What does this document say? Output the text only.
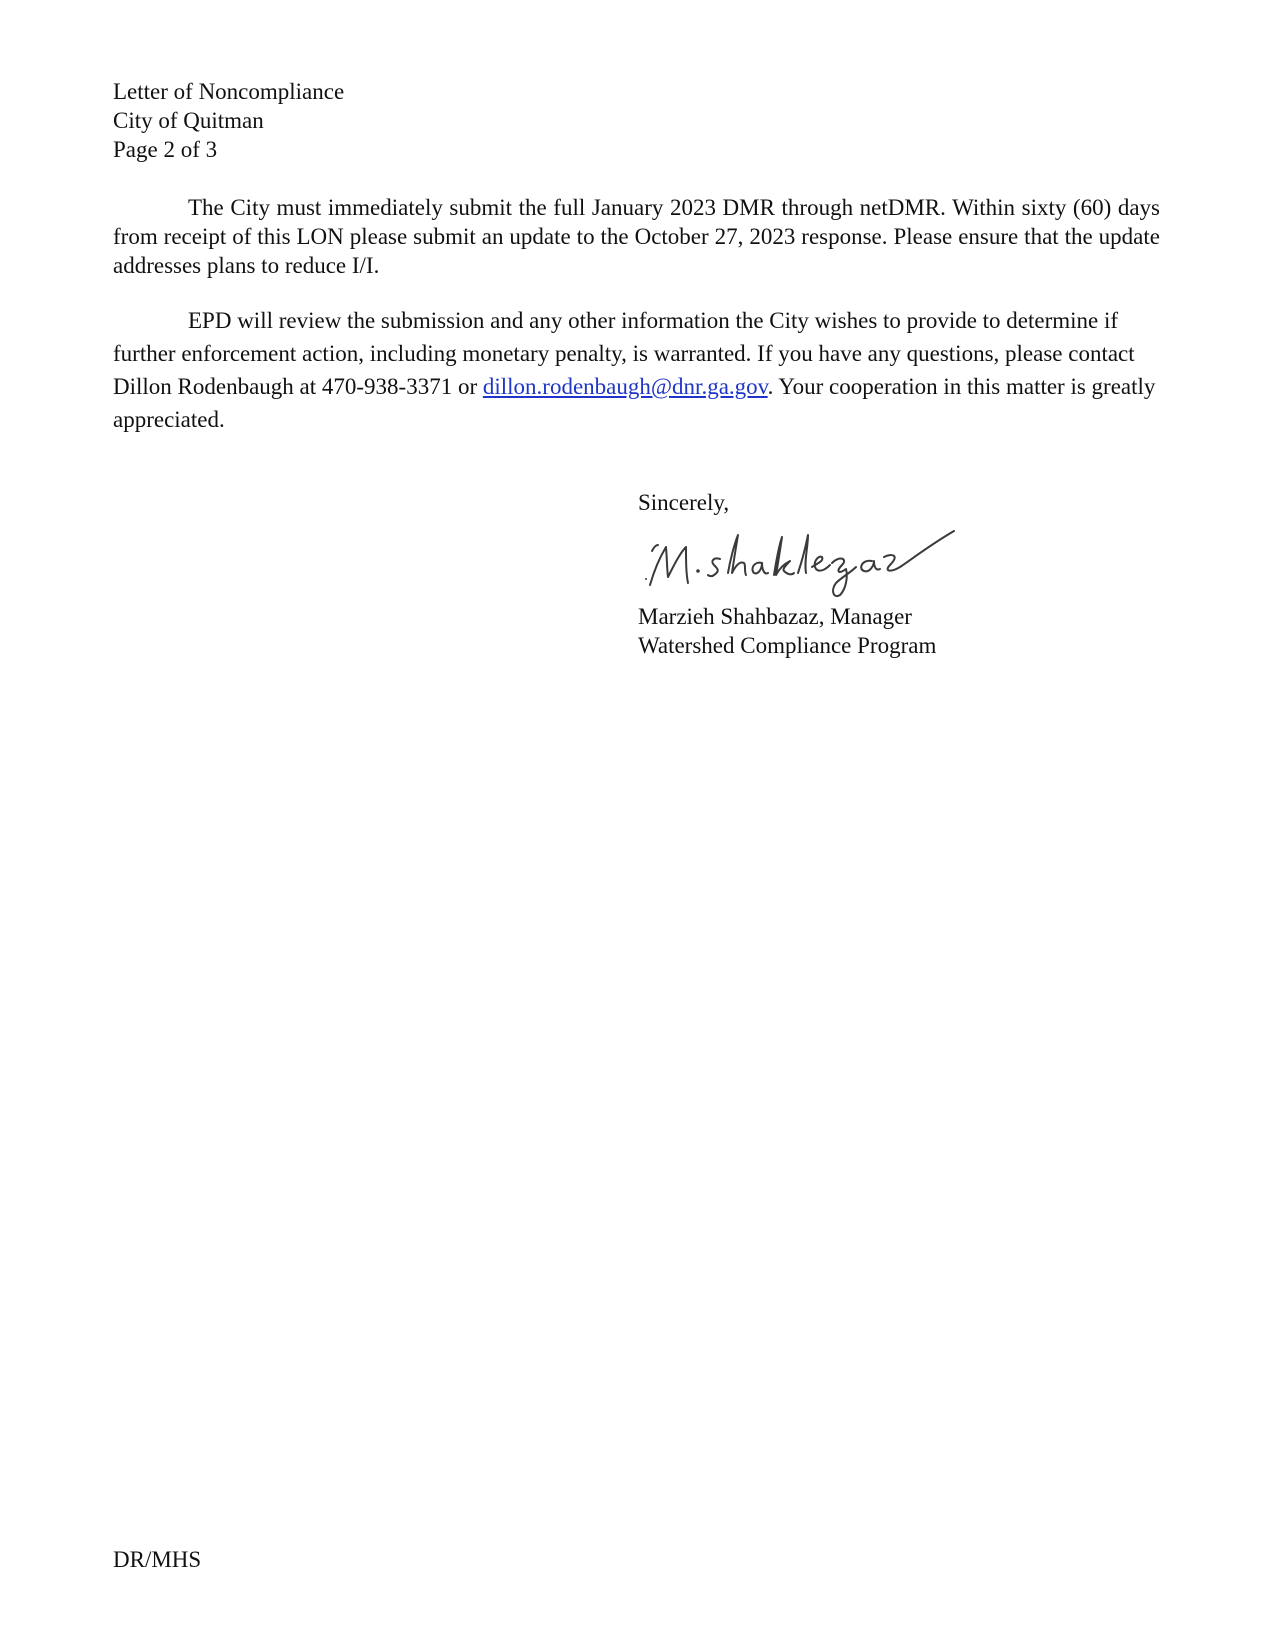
Letter of Noncompliance
City of Quitman
Page 2 of 3

The City must immediately submit the full January 2023 DMR through netDMR. Within sixty (60) days from receipt of this LON please submit an update to the October 27, 2023 response. Please ensure that the update addresses plans to reduce I/I.

EPD will review the submission and any other information the City wishes to provide to determine if further enforcement action, including monetary penalty, is warranted. If you have any questions, please contact Dillon Rodenbaugh at 470-938-3371 or dillon.rodenbaugh@dnr.ga.gov. Your cooperation in this matter is greatly appreciated.

Sincerely,
Marzieh Shahbazaz, Manager
Watershed Compliance Program
DR/MHS
